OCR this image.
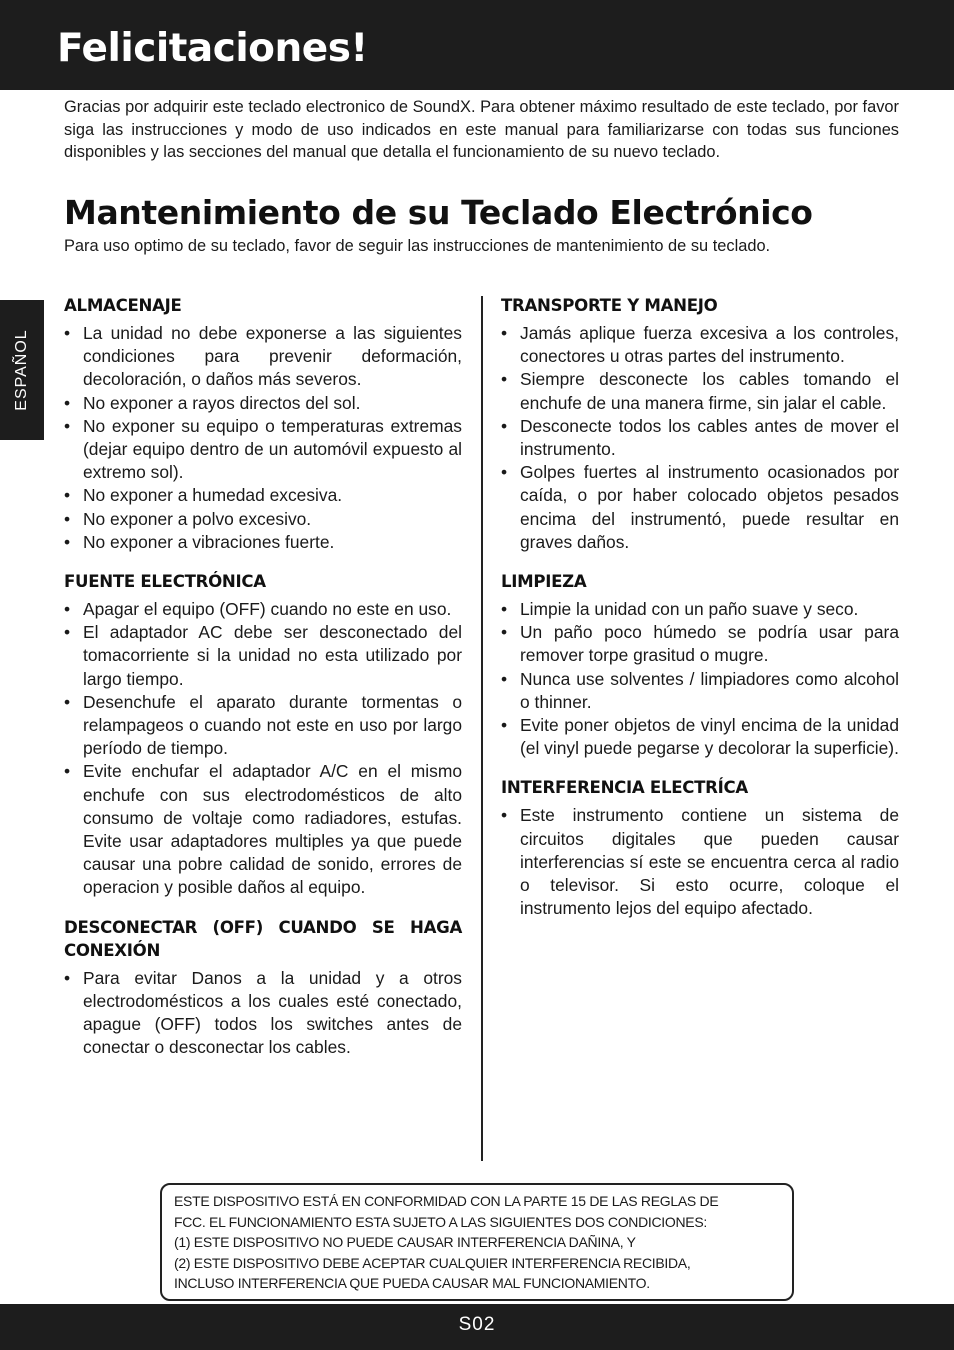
Felicitaciones!

Gracias por adquirir este teclado electronico de SoundX. Para obtener máximo resultado de este teclado, por favor siga las instrucciones y modo de uso indicados en este manual para familiarizarse con todas sus funciones disponibles y las secciones del manual que detalla el funcionamiento de su nuevo teclado.

Mantenimiento de su Teclado Electrónico

Para uso optimo de su teclado, favor de seguir las instrucciones de mantenimiento de su teclado.

ESPAÑOL
ALMACENAJE
• La unidad no debe exponerse a las siguientes condiciones para prevenir deformación, decoloración, o daños más severos.
• No exponer a rayos directos del sol.
• No exponer su equipo o temperaturas extremas (dejar equipo dentro de un automóvil expuesto al extremo sol).
• No exponer a humedad excesiva.
• No exponer a polvo excesivo.
• No exponer a vibraciones fuerte.
FUENTE ELECTRÓNICA
• Apagar el equipo (OFF) cuando no este en uso.
• El adaptador AC debe ser desconectado del tomacorriente si la unidad no esta utilizado por largo tiempo.
• Desenchufe el aparato durante tormentas o relampageos o cuando not este en uso por largo período de tiempo.
• Evite enchufar el adaptador A/C en el mismo enchufe con sus electrodomésticos de alto consumo de voltaje como radiadores, estufas. Evite usar adaptadores multiples ya que puede causar una pobre calidad de sonido, errores de operacion y posible daños al equipo.
DESCONECTAR (OFF) CUANDO SE HAGA CONEXIÓN
• Para evitar Danos a la unidad y a otros electrodomésticos a los cuales esté conectado, apague (OFF) todos los switches antes de conectar o desconectar los cables.
TRANSPORTE Y MANEJO
• Jamás aplique fuerza excesiva a los controles, conectores u otras partes del instrumento.
• Siempre desconecte los cables tomando el enchufe de una manera firme, sin jalar el cable.
• Desconecte todos los cables antes de mover el instrumento.
• Golpes fuertes al instrumento ocasionados por caída, o por haber colocado objetos pesados encima del instrumentó, puede resultar en graves daños.
LIMPIEZA
• Limpie la unidad con un paño suave y seco.
• Un paño poco húmedo se podría usar para remover torpe grasitud o mugre.
• Nunca use solventes / limpiadores como alcohol o thinner.
• Evite poner objetos de vinyl encima de la unidad (el vinyl puede pegarse y decolorar la superficie).
INTERFERENCIA ELECTRÍCA
• Este instrumento contiene un sistema de circuitos digitales que pueden causar interferencias sí este se encuentra cerca al radio o televisor. Si esto ocurre, coloque el instrumento lejos del equipo afectado.
ESTE DISPOSITIVO ESTÁ EN CONFORMIDAD CON LA PARTE 15 DE LAS REGLAS DE
FCC. EL FUNCIONAMIENTO ESTA SUJETO A LAS SIGUIENTES DOS CONDICIONES:
(1) ESTE DISPOSITIVO NO PUEDE CAUSAR INTERFERENCIA DAÑINA, Y
(2) ESTE DISPOSITIVO DEBE ACEPTAR CUALQUIER INTERFERENCIA RECIBIDA,
INCLUSO INTERFERENCIA QUE PUEDA CAUSAR MAL FUNCIONAMIENTO.
S02
